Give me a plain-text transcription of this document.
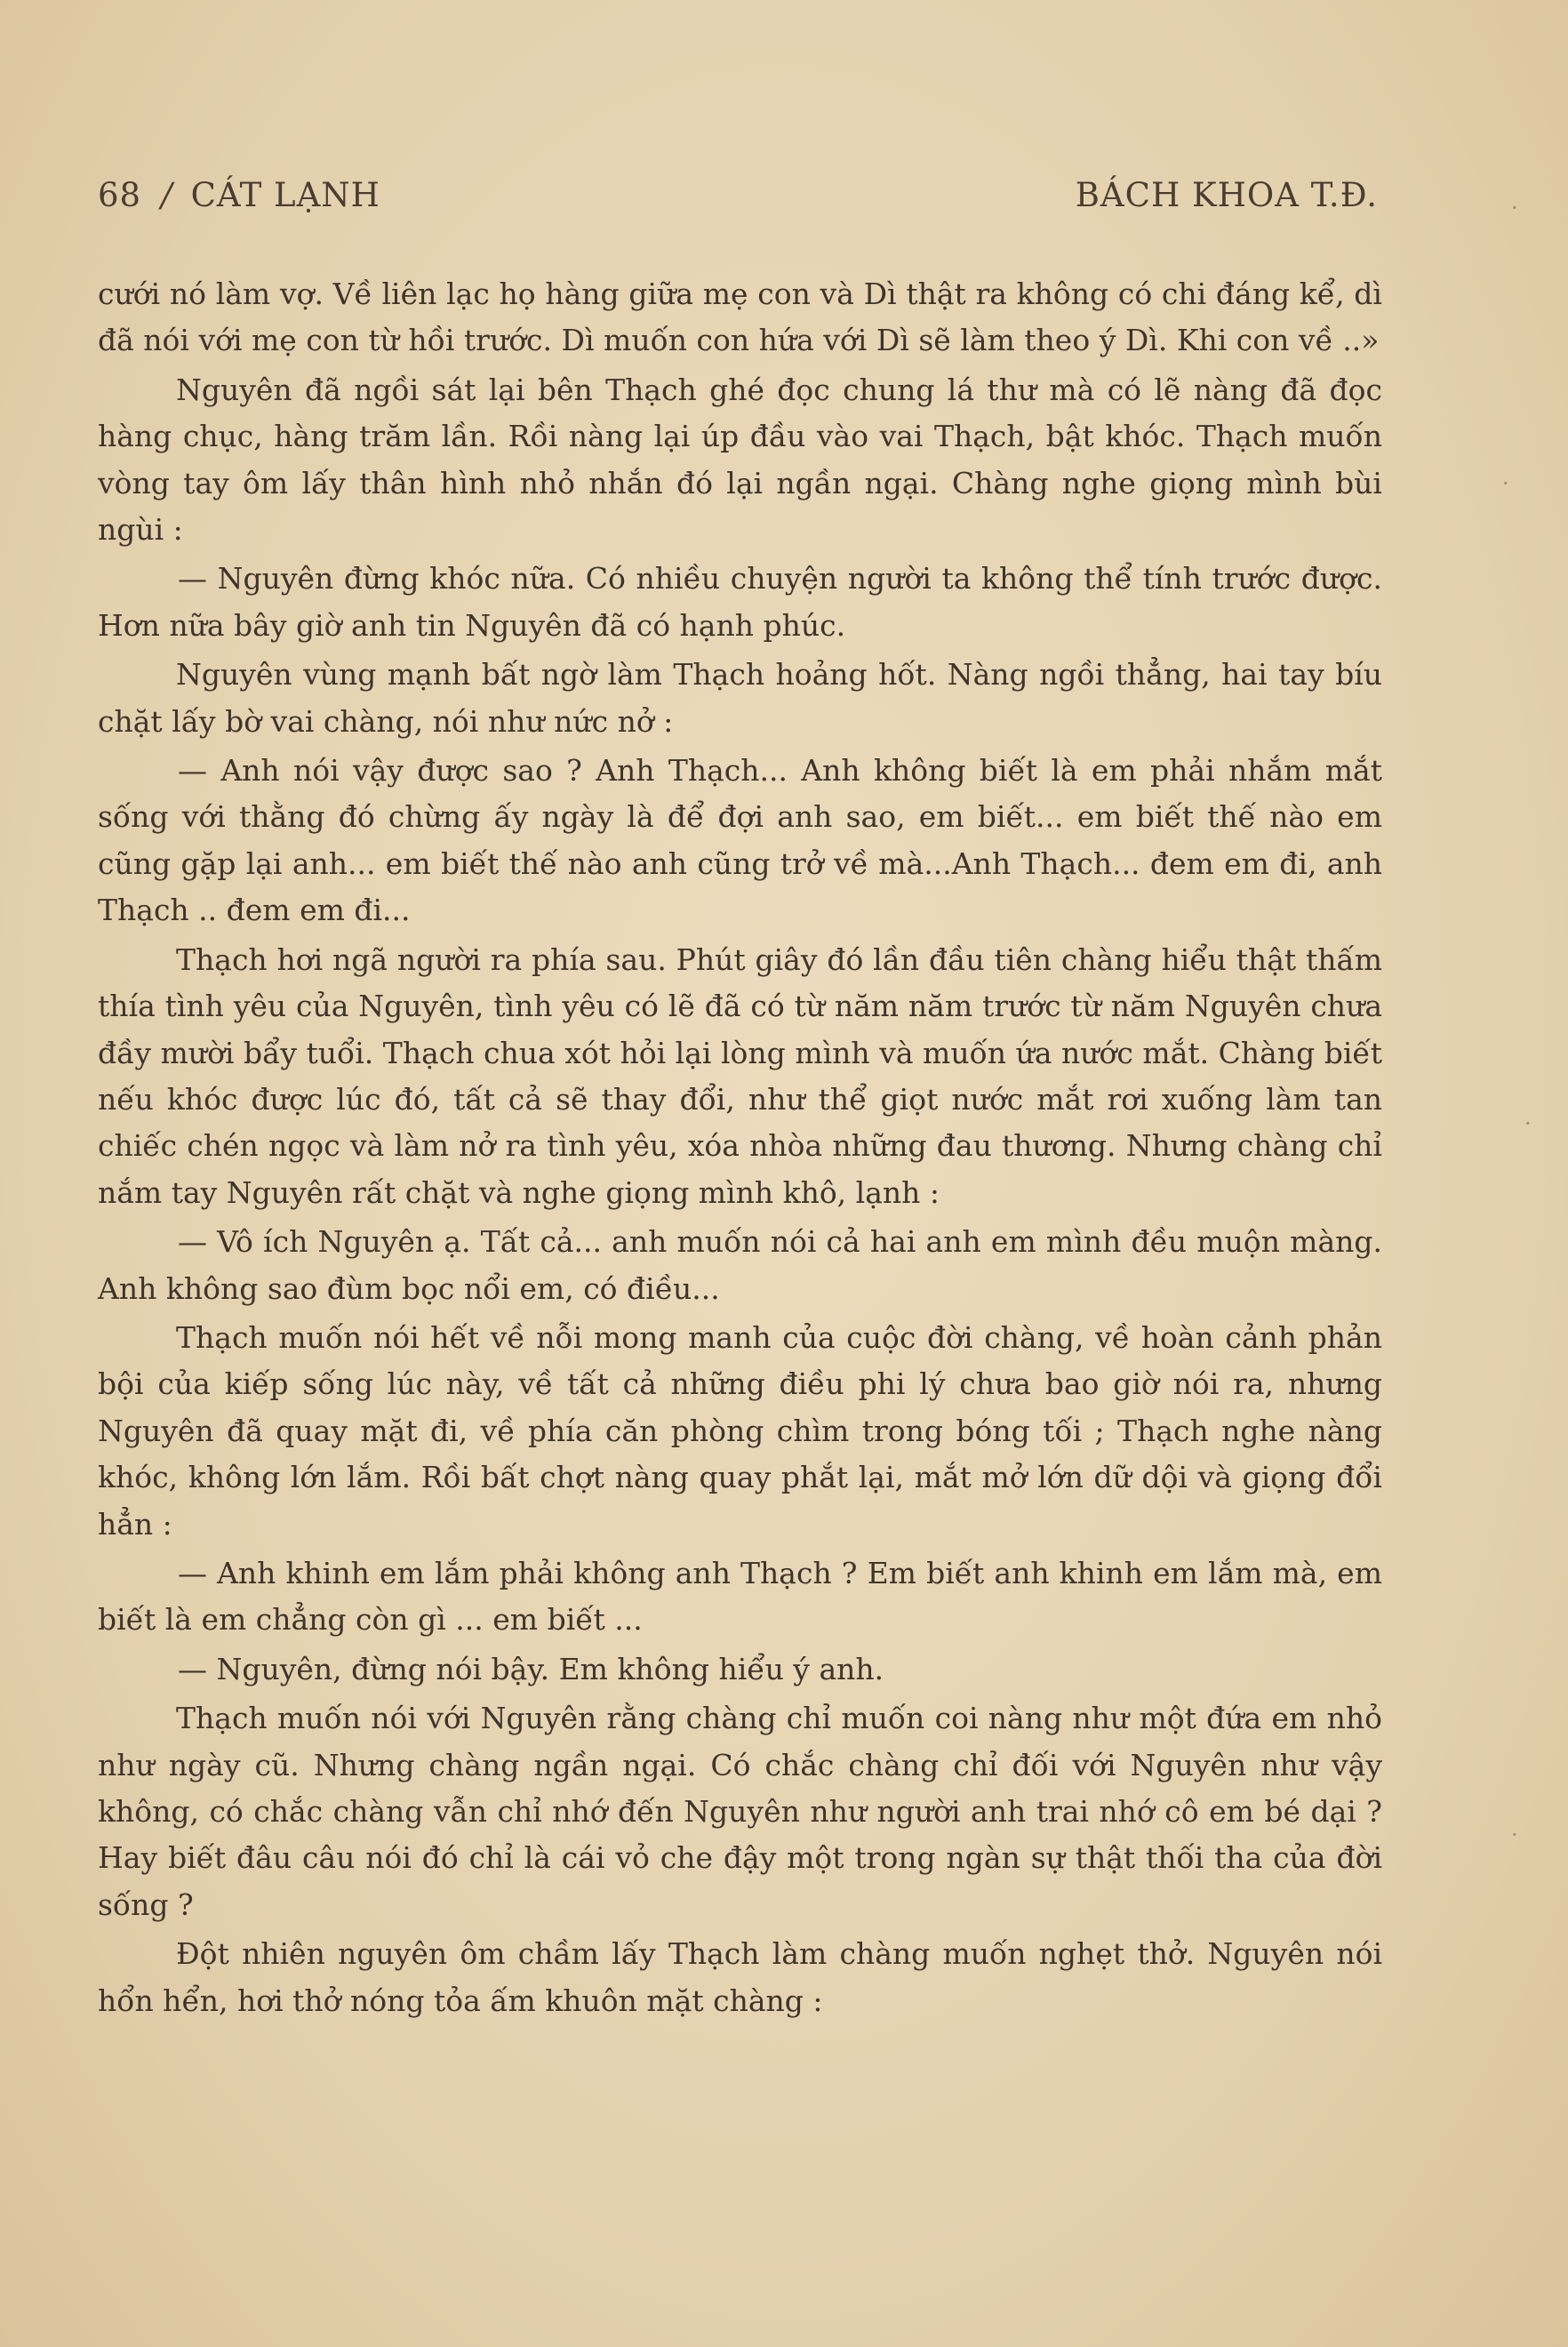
68 / CÁT LẠNH	BÁCH KHOA T.Đ.

cưới nó làm vợ. Về liên lạc họ hàng giữa mẹ con và Dì thật ra không có chi đáng kể, dì đã nói với mẹ con từ hồi trước. Dì muốn con hứa với Dì sẽ làm theo ý Dì. Khi con về ..»

Nguyên đã ngồi sát lại bên Thạch ghé đọc chung lá thư mà có lẽ nàng đã đọc hàng chục, hàng trăm lần. Rồi nàng lại úp đầu vào vai Thạch, bật khóc. Thạch muốn vòng tay ôm lấy thân hình nhỏ nhắn đó lại ngần ngại. Chàng nghe giọng mình bùi ngùi :

— Nguyên đừng khóc nữa. Có nhiều chuyện người ta không thể tính trước được. Hơn nữa bây giờ anh tin Nguyên đã có hạnh phúc.

Nguyên vùng mạnh bất ngờ làm Thạch hoảng hốt. Nàng ngồi thẳng, hai tay bíu chặt lấy bờ vai chàng, nói như nức nở :

— Anh nói vậy được sao ? Anh Thạch... Anh không biết là em phải nhắm mắt sống với thằng đó chừng ấy ngày là để đợi anh sao, em biết... em biết thế nào em cũng gặp lại anh... em biết thế nào anh cũng trở về mà...Anh Thạch... đem em đi, anh Thạch .. đem em đi...

Thạch hơi ngã người ra phía sau. Phút giây đó lần đầu tiên chàng hiểu thật thấm thía tình yêu của Nguyên, tình yêu có lẽ đã có từ năm năm trước từ năm Nguyên chưa đầy mười bẩy tuổi. Thạch chua xót hỏi lại lòng mình và muốn ứa nước mắt. Chàng biết nếu khóc được lúc đó, tất cả sẽ thay đổi, như thể giọt nước mắt rơi xuống làm tan chiếc chén ngọc và làm nở ra tình yêu, xóa nhòa những đau thương. Nhưng chàng chỉ nắm tay Nguyên rất chặt và nghe giọng mình khô, lạnh :

— Vô ích Nguyên ạ. Tất cả... anh muốn nói cả hai anh em mình đều muộn màng. Anh không sao đùm bọc nổi em, có điều...

Thạch muốn nói hết về nỗi mong manh của cuộc đời chàng, về hoàn cảnh phản bội của kiếp sống lúc này, về tất cả những điều phi lý chưa bao giờ nói ra, nhưng Nguyên đã quay mặt đi, về phía căn phòng chìm trong bóng tối ; Thạch nghe nàng khóc, không lớn lắm. Rồi bất chợt nàng quay phắt lại, mắt mở lớn dữ dội và giọng đổi hẳn :

— Anh khinh em lắm phải không anh Thạch ? Em biết anh khinh em lắm mà, em biết là em chẳng còn gì ... em biết ...

— Nguyên, đừng nói bậy. Em không hiểu ý anh.

Thạch muốn nói với Nguyên rằng chàng chỉ muốn coi nàng như một đứa em nhỏ như ngày cũ. Nhưng chàng ngần ngại. Có chắc chàng chỉ đối với Nguyên như vậy không, có chắc chàng vẫn chỉ nhớ đến Nguyên như người anh trai nhớ cô em bé dại ? Hay biết đâu câu nói đó chỉ là cái vỏ che đậy một trong ngàn sự thật thối tha của đời sống ?

Đột nhiên nguyên ôm chầm lấy Thạch làm chàng muốn nghẹt thở. Nguyên nói hổn hển, hơi thở nóng tỏa ấm khuôn mặt chàng :

·
·
·
·
